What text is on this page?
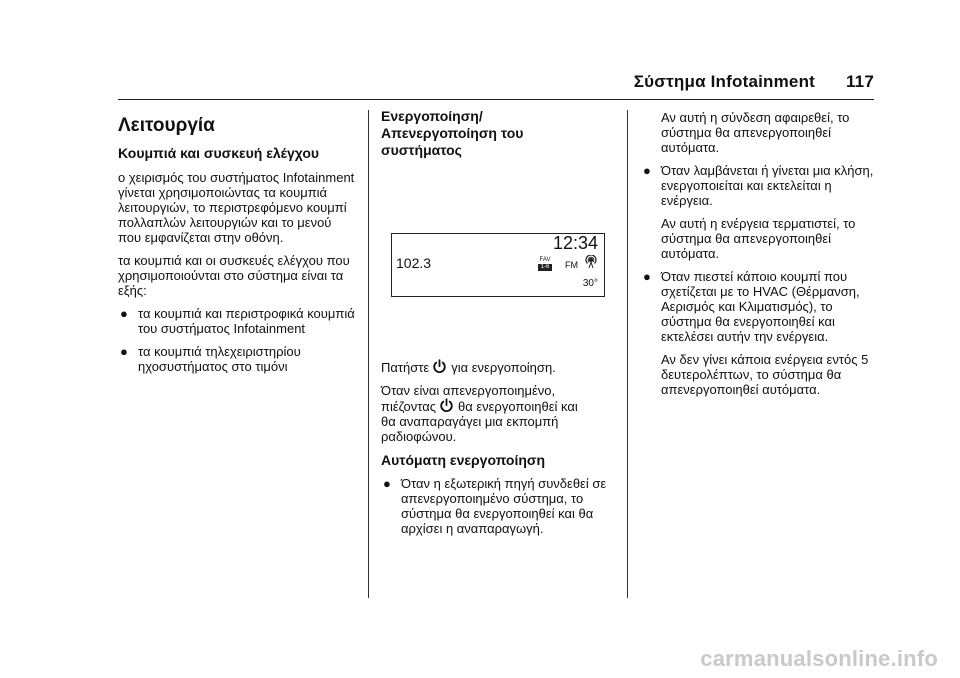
Σύστημα Infotainment 117
Λειτουργία
Κουμπιά και συσκευή ελέγχου

ο χειρισμός του συστήματος Infotainment γίνεται χρησιμοποιώντας τα κουμπιά λειτουργιών, το περιστρεφόμενο κουμπί πολλαπλών λειτουργιών και το μενού που εμφανίζεται στην οθόνη.

τα κουμπιά και οι συσκευές ελέγχου που χρησιμοποιούνται στο σύστημα είναι τα εξής:

● τα κουμπιά και περιστροφικά κουμπιά του συστήματος Infotainment
● τα κουμπιά τηλεχειριστηρίου ηχοσυστήματος στο τιμόνι
Ενεργοποίηση/
Απενεργοποίηση του
συστήματος
12:34
102.3	FAV
1-6 FM
30°

Πατήστε για ενεργοποίηση.

Όταν είναι απενεργοποιημένο,
πιέζοντας θα ενεργοποιηθεί και
θα αναπαραγάγει μια εκπομπή ραδιοφώνου.

Αυτόματη ενεργοποίηση
● Όταν η εξωτερική πηγή συνδεθεί σε απενεργοποιημένο σύστημα, το σύστημα θα ενεργοποιηθεί και θα αρχίσει η αναπαραγωγή.

Αν αυτή η σύνδεση αφαιρεθεί, το σύστημα θα απενεργοποιηθεί αυτόματα.

● Όταν λαμβάνεται ή γίνεται μια κλήση, ενεργοποιείται και εκτελείται η ενέργεια.

Αν αυτή η ενέργεια τερματιστεί, το σύστημα θα απενεργοποιηθεί αυτόματα.

● Όταν πιεστεί κάποιο κουμπί που σχετίζεται με το HVAC (Θέρμανση, Αερισμός και Κλιματισμός), το σύστημα θα ενεργοποιηθεί και εκτελέσει αυτήν την ενέργεια.

Αν δεν γίνει κάποια ενέργεια εντός 5 δευτερολέπτων, το σύστημα θα απενεργοποιηθεί αυτόματα.

carmanualsonline.info
